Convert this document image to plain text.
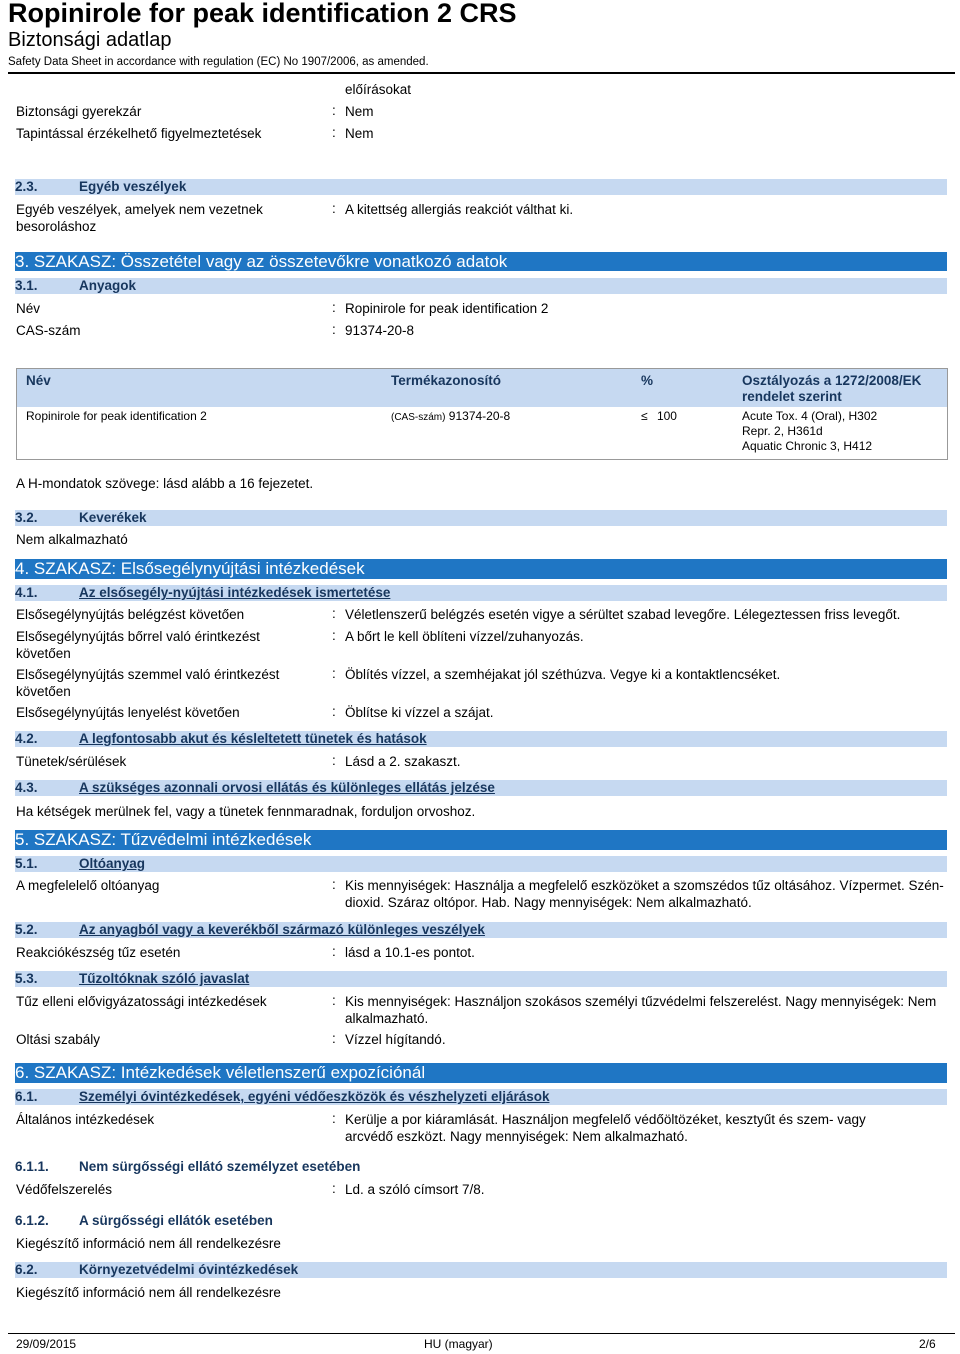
Ropinirole for peak identification 2 CRS
Biztonsági adatlap
Safety Data Sheet in accordance with regulation (EC) No 1907/2006, as amended.
előírásokat
Biztonsági gyerekzár	: Nem
Tapintással érzékelhető figyelmeztetések	: Nem
2.3.	Egyéb veszélyek
Egyéb veszélyek, amelyek nem vezetnek besoroláshoz
: A kitettség allergiás reakciót válthat ki.
3. SZAKASZ: Összetétel vagy az összetevőkre vonatkozó adatok
3.1.	Anyagok
Név	: Ropinirole for peak identification 2
CAS-szám	: 91374-20-8
Név	Termékazonosító	%	Osztályozás a 1272/2008/EK rendelet szerint
Ropinirole for peak identification 2	(CAS-szám) 91374-20-8	≤ 100	Acute Tox. 4 (Oral), H302
Repr. 2, H361d
Aquatic Chronic 3, H412
A H-mondatok szövege: lásd alább a 16 fejezetet.
3.2.	Keverékek
Nem alkalmazható
4. SZAKASZ: Elsősegélynyújtási intézkedések
4.1.	Az elsősegély-nyújtási intézkedések ismertetése
Elsősegélynyújtás belégzést követően	: Véletlenszerű belégzés esetén vigye a sérültet szabad levegőre. Lélegeztessen friss levegőt.
Elsősegélynyújtás bőrrel való érintkezést követően
: A bőrt le kell öblíteni vízzel/zuhanyozás.
Elsősegélynyújtás szemmel való érintkezést követően
: Öblítés vízzel, a szemhéjakat jól széthúzva. Vegye ki a kontaktlencséket.
Elsősegélynyújtás lenyelést követően	: Öblítse ki vízzel a szájat.
4.2.	A legfontosabb akut és késleltetett tünetek és hatások
Tünetek/sérülések	: Lásd a 2. szakaszt.
4.3.	A szükséges azonnali orvosi ellátás és különleges ellátás jelzése
Ha kétségek merülnek fel, vagy a tünetek fennmaradnak, forduljon orvoshoz.
5. SZAKASZ: Tűzvédelmi intézkedések
5.1.	Oltóanyag
A megfelelelő oltóanyag	: Kis mennyiségek: Használja a megfelelő eszközöket a szomszédos tűz oltásához. Vízpermet. Szén-dioxid. Száraz oltópor. Hab. Nagy mennyiségek: Nem alkalmazható.
5.2.	Az anyagból vagy a keverékből származó különleges veszélyek
Reakciókészség tűz esetén	: lásd a 10.1-es pontot.
5.3.	Tűzoltóknak szóló javaslat
Tűz elleni elővigyázatossági intézkedések	: Kis mennyiségek: Használjon szokásos személyi tűzvédelmi felszerelést. Nagy mennyiségek: Nem alkalmazható.
Oltási szabály	: Vízzel hígítandó.
6. SZAKASZ: Intézkedések véletlenszerű expozíciónál
6.1.	Személyi óvintézkedések, egyéni védőeszközök és vészhelyzeti eljárások
Általános intézkedések	: Kerülje a por kiáramlását. Használjon megfelelő védőöltözéket, kesztyűt és szem- vagy arcvédő eszközt. Nagy mennyiségek: Nem alkalmazható.
6.1.1. Nem sürgősségi ellátó személyzet esetében
Védőfelszerelés	: Ld. a szóló címsort 7/8.
6.1.2. A sürgősségi ellátók esetében
Kiegészítő információ nem áll rendelkezésre
6.2.	Környezetvédelmi óvintézkedések
Kiegészítő információ nem áll rendelkezésre
29/09/2015	HU (magyar)	2/6
